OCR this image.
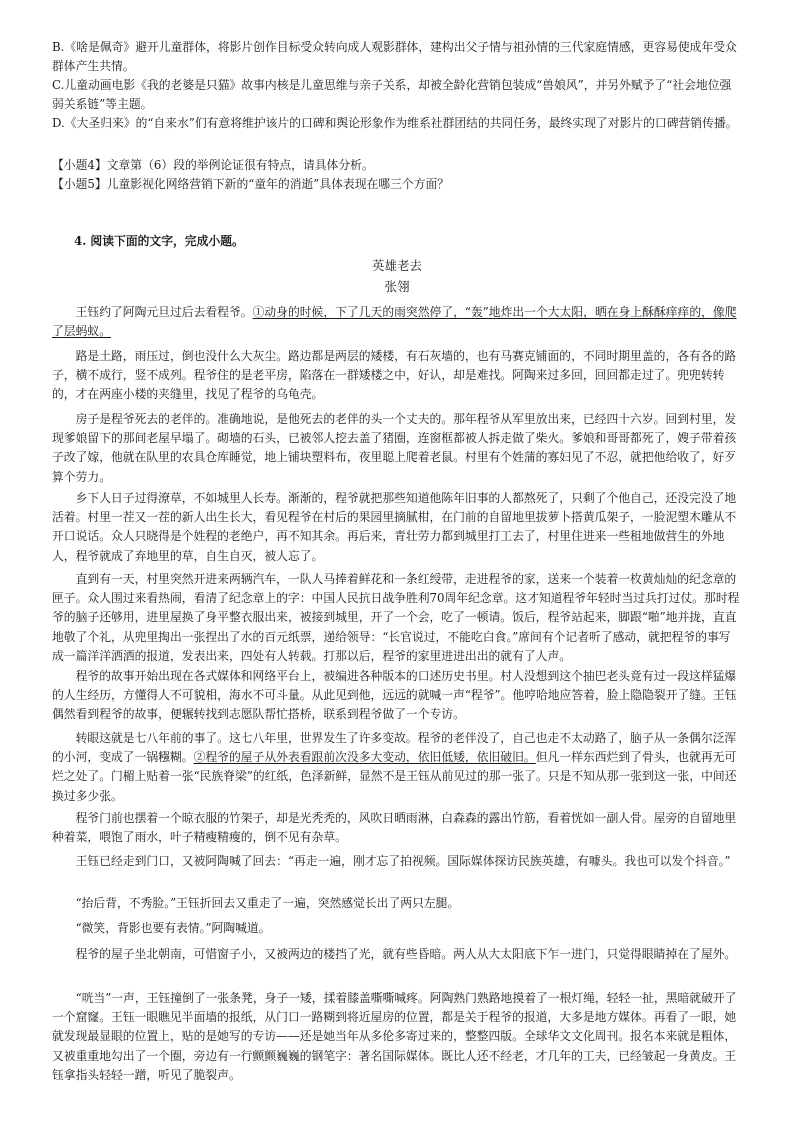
B.《啥是佩奇》避开儿童群体，将影片创作目标受众转向成人观影群体，建构出父子情与祖孙情的三代家庭情感，更容易使成年受众群体产生共情。

C.儿童动画电影《我的老婆是只猫》故事内核是儿童思维与亲子关系，却被全龄化营销包装成“兽娘风”，并另外赋予了“社会地位强弱关系链”等主题。

D.《大圣归来》的“自来水”们有意将维护该片的口碑和舆论形象作为维系社群团结的共同任务，最终实现了对影片的口碑营销传播。

【小题4】文章第（6）段的举例论证很有特点，请具体分析。

【小题5】儿童影视化网络营销下新的“童年的消逝”具体表现在哪三个方面？

4. 阅读下面的文字，完成小题。
英雄老去
张翎
王钰约了阿陶元旦过后去看程爷。①动身的时候，下了几天的雨突然停了，“轰”地炸出一个大太阳，晒在身上酥酥痒痒的，像爬了层蚂蚁。
路是土路，雨压过，倒也没什么大灰尘。路边都是两层的矮楼，有石灰墙的，也有马赛克铺面的，不同时期里盖的，各有各的路子，横不成行，竖不成列。程爷住的是老平房，陷落在一群矮楼之中，好认，却是难找。阿陶来过多回，回回都走过了。兜兜转转的，才在两座小楼的夹缝里，找见了程爷的乌龟壳。
房子是程爷死去的老伴的。准确地说，是他死去的老伴的头一个丈夫的。那年程爷从军里放出来，已经四十六岁。回到村里，发现爹娘留下的那间老屋早塌了。砌墙的石头，已被邻人挖去盖了猪圈，连窗框都被人拆走做了柴火。爹娘和哥哥都死了，嫂子带着孩子改了嫁，他就在队里的农具仓库睡觉，地上铺块塑料布，夜里聪上爬着老鼠。村里有个姓蒲的寡妇见了不忍，就把他给收了，好歹算个劳力。
乡下人日子过得潦草，不如城里人长寿。渐渐的，程爷就把那些知道他陈年旧事的人都熬死了，只剩了个他自己，还没完没了地活着。村里一茬又一茬的新人出生长大，看见程爷在村后的果园里摘腻柑，在门前的自留地里拔萝卜搭黄瓜架子，一脸泥塑木雕从不开口说话。众人只晓得是个姓程的老绝户，再不知其余。再后来，青壮劳力都到城里打工去了，村里住进来一些租地做营生的外地人，程爷就成了弃地里的草，自生自灭，被人忘了。
直到有一天，村里突然开进来两辆汽车，一队人马捧着鲜花和一条红绶带，走进程爷的家，送来一个装着一枚黄灿灿的纪念章的匣子。众人围过来看热闹，看清了纪念章上的字：中国人民抗日战争胜利70周年纪念章。这才知道程爷年轻时当过兵打过仗。那时程爷的脑子还够用，进里屋换了身平整衣服出来，被接到城里，开了一个会，吃了一顿请。饭后，程爷站起来，脚跟“啪”地并拢，直直地敬了个礼，从兜里掏出一张捏出了水的百元纸票，递给领导：“长官说过，不能吃白食。”席间有个记者听了感动，就把程爷的事写成一篇洋洋洒洒的报道，发表出来，四处有人转载。打那以后，程爷的家里进进出出的就有了人声。
程爷的故事开始出现在各式媒体和网络平台上，被编进各种版本的口述历史书里。村人没想到这个抽巴老头竟有过一段这样猛爆的人生经历，方懂得人不可貌相，海水不可斗量。从此见到他，远远的就喊一声“程爷”。他哼哈地应答着，脸上隐隐裂开了缝。王钰偶然看到程爷的故事，便辗转找到志愿队帮忙搭桥，联系到程爷做了一个专访。
转眼这就是七八年前的事了。这七八年里，世界发生了许多变故。程爷的老伴没了，自己也走不太动路了，脑子从一条偶尔泛浑的小河，变成了一锅糨糊。②程爷的屋子从外表看跟前次没多大变动，依旧低矮，依旧破旧。但凡一样东西烂到了骨头，也就再无可烂之处了。门楣上贴着一张“民族脊梁”的红纸，色泽新鲜，显然不是王钰从前见过的那一张了。只是不知从那一张到这一张，中间还换过多少张。
程爷门前也摆着一个晾衣服的竹架子，却是光秃秃的，风吹日晒雨淋，白森森的露出竹筋，看着恍如一副人骨。屋旁的自留地里种着菜，喂饱了雨水，叶子精瘦精瘦的，倒不见有杂草。
王钰已经走到门口，又被阿陶喊了回去：“再走一遍，刚才忘了拍视频。国际媒体探访民族英雄，有噱头。我也可以发个抖音。”
“抬后背，不秀脸。”王钰折回去又重走了一遍，突然感觉长出了两只左腿。
“微笑，背影也要有表情。”阿陶喊道。
程爷的屋子坐北朝南，可惜窗子小，又被两边的楼挡了光，就有些昏暗。两人从大太阳底下乍一进门，只觉得眼睛掉在了屋外。
“咣当”一声，王钰撞倒了一张条凳，身子一矮，揉着膝盖嘶嘶喊疼。阿陶熟门熟路地摸着了一根灯绳，轻轻一扯，黑暗就破开了一个窟窿。王钰一眼瞧见半面墙的报纸，从门口一路糊到将近屋房的位置，都是关于程爷的报道，大多是地方媒体。再看了一眼，她就发现最显眼的位置上，贴的是她写的专访——还是她当年从多伦多寄过来的，整整四版。全球华文文化周刊。报名本来就是粗体，又被重重地勾出了一个圈，旁边有一行颤颤巍巍的钢笔字：著名国际媒体。既比人还不经老，才几年的工夫，已经皱起一身黄皮。王钰拿指头轻轻一蹭，听见了脆裂声。
